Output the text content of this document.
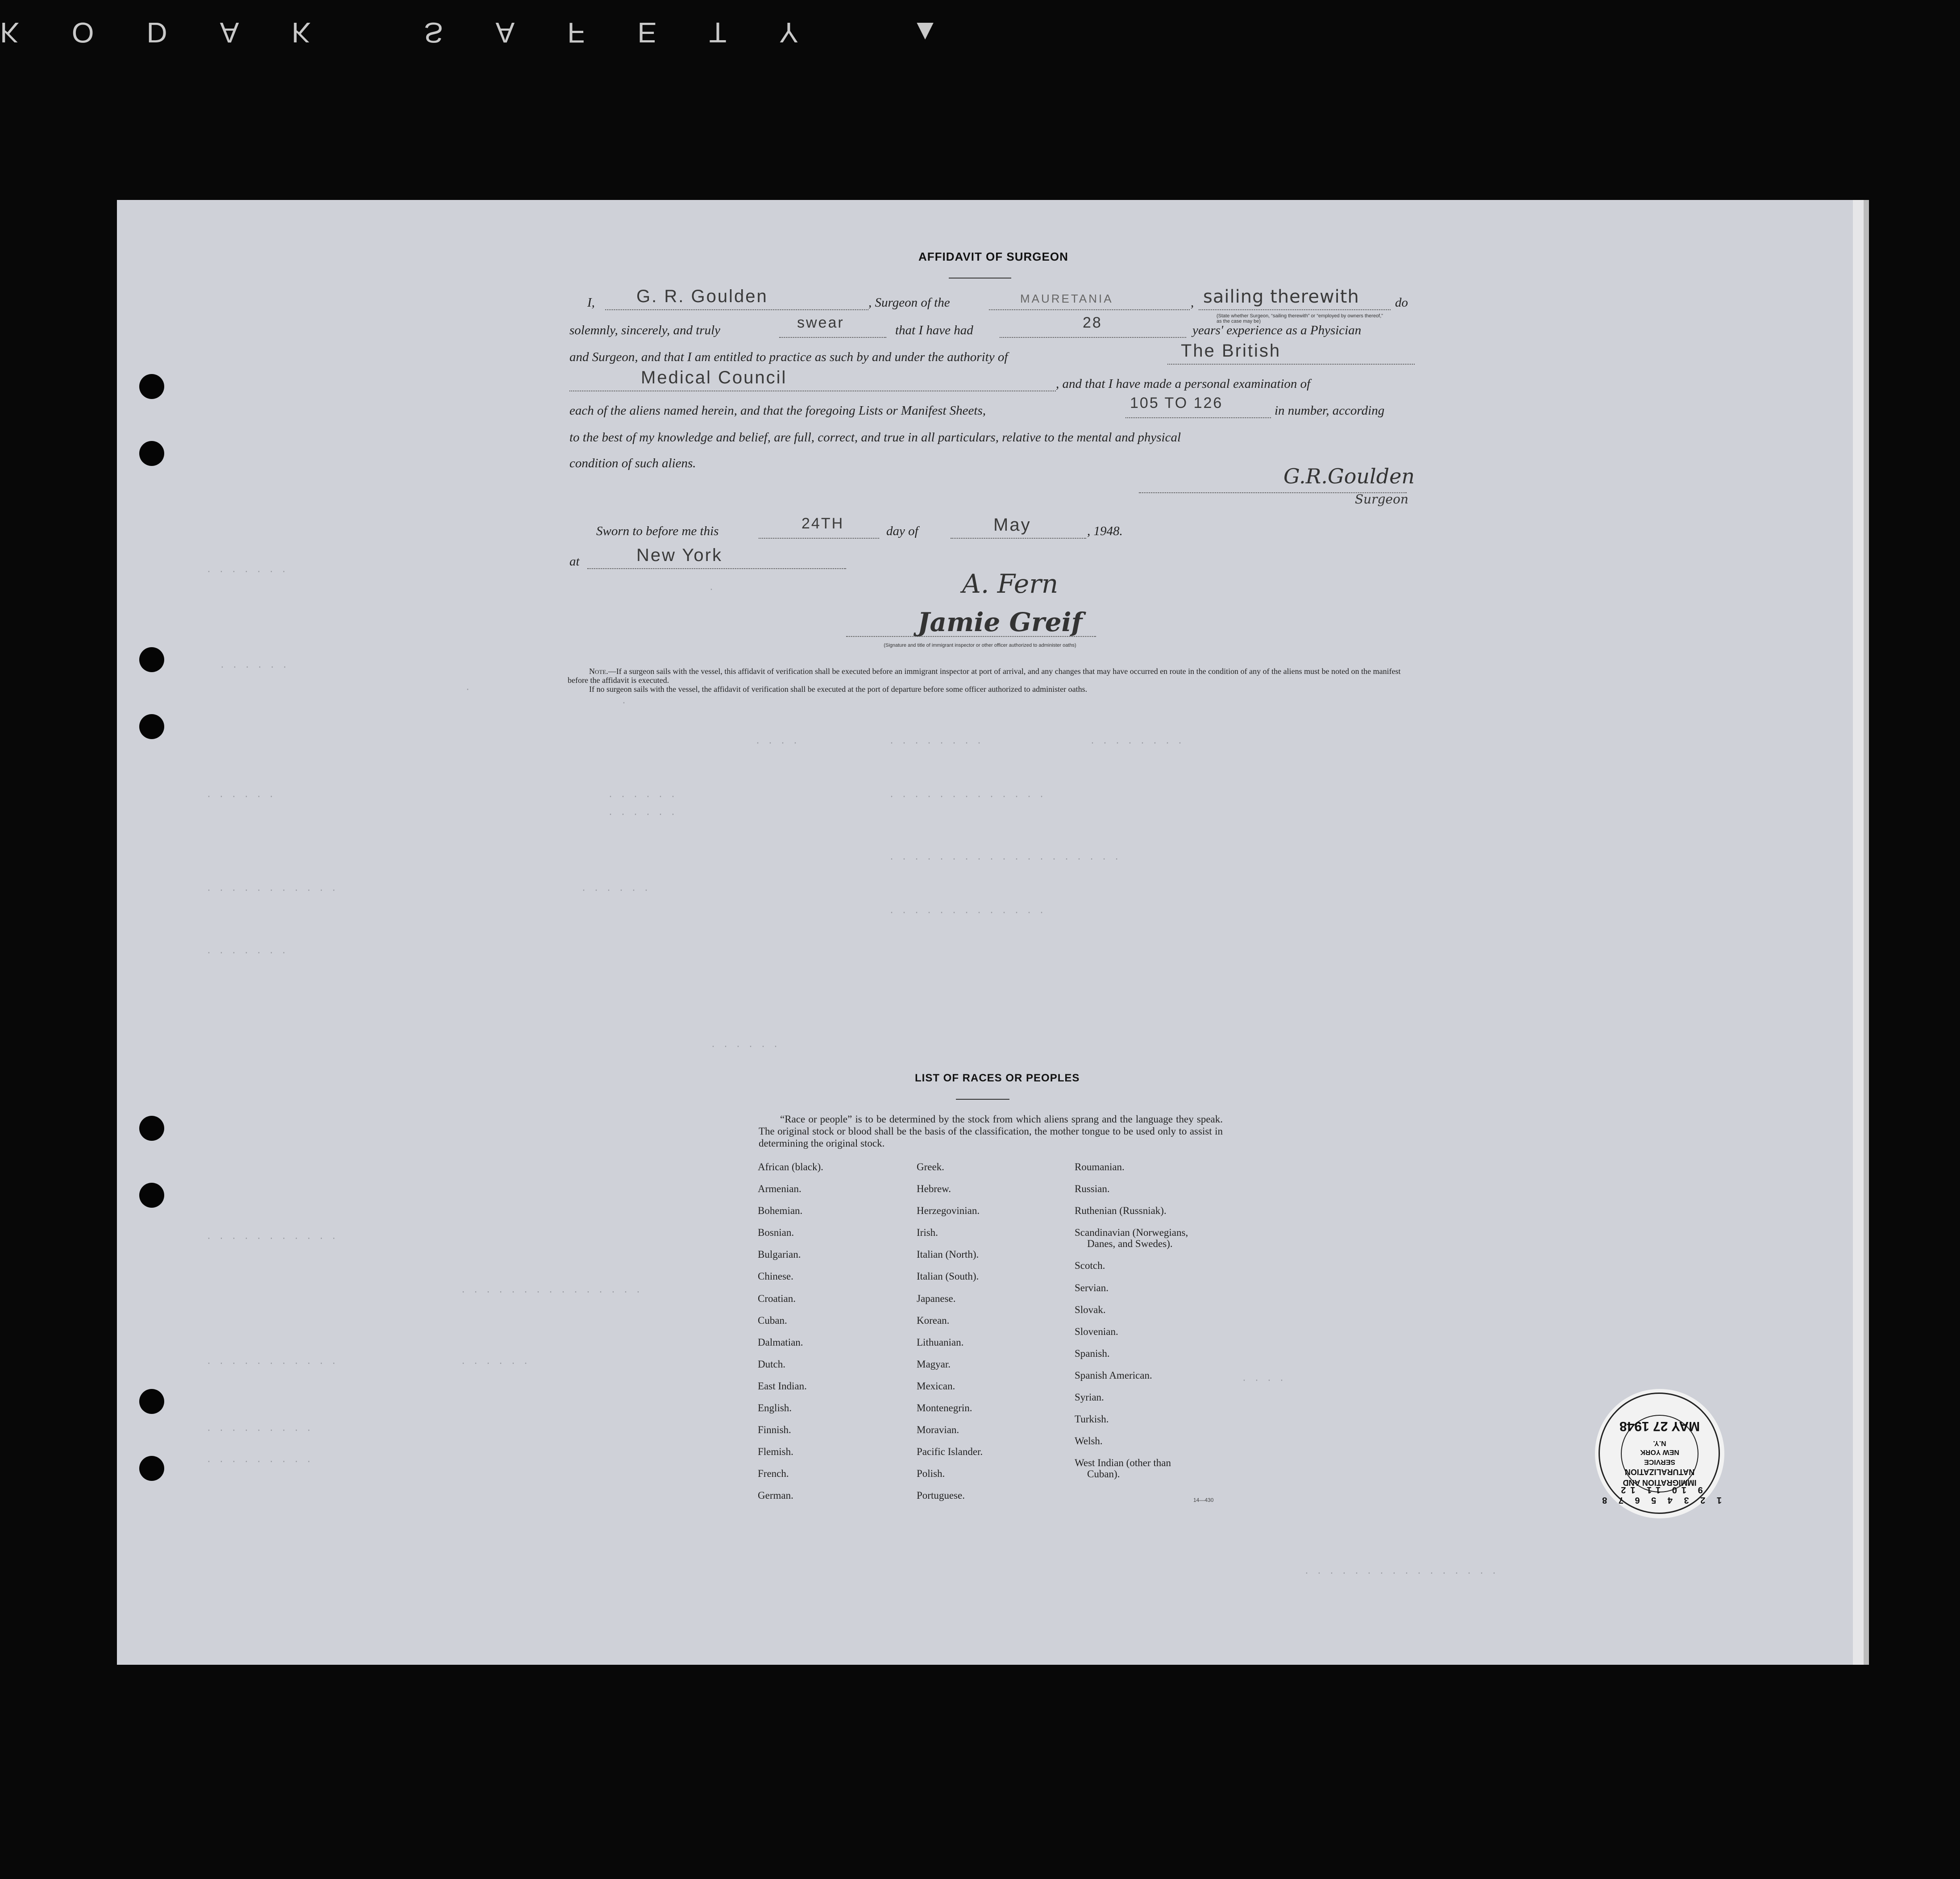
KODAK SAFETY ▲
. . . . . . .
.
. . . . . .
.
.
. . . .	. . . . . . . .	. . . . . . . .
. . . . . .	. . . . . .	. . . . . . . . . . . . .
. . . . . .
. . . . . . . . . . . . . . . . . . .
. . . . . . . . . . .	. . . . . .
. . . . . . . . . . . . .
. . . . . . .
. . . . . .
. . . . . . . . . . .
. . . . . . . . . . . . . . .
. . . . . . . . . . .	. . . . . .
. . . . . . . . .
. . . . . . . . .
. . . .
. . . . . . . . . . . . . . . .
AFFIDAVIT OF SURGEON
I, G. R. Goulden	, Surgeon of the	MAURETANIA	, sailing therewith	do
(State whether Surgeon, “sailing therewith” or “employed by owners thereof,” as the case may be)
solemnly, sincerely, and truly	swear	that I have had	28	years' experience as a Physician
and Surgeon, and that I am entitled to practice as such by and under the authority of	The British
Medical Council	, and that I have made a personal examination of
each of the aliens named herein, and that the foregoing Lists or Manifest Sheets,	105 TO 126	in number, according
to the best of my knowledge and belief, are full, correct, and true in all particulars, relative to the mental and physical
condition of such aliens.
G.R.Goulden
Surgeon
Sworn to before me this	24TH	day of	May	, 1948.
at	New York
A. Fern
Jamie Greif
(Signature and title of immigrant inspector or other officer authorized to administer oaths)
Note.—If a surgeon sails with the vessel, this affidavit of verification shall be executed before an immigrant inspector at port of arrival, and any changes that may have occurred en route in the condition of any of the aliens must be noted on the manifest before the affidavit is executed.
If no surgeon sails with the vessel, the affidavit of verification shall be executed at the port of departure before some officer authorized to administer oaths.
LIST OF RACES OR PEOPLES
“Race or people” is to be determined by the stock from which aliens sprang and the language they speak. The original stock or blood shall be the basis of the classification, the mother tongue to be used only to assist in determining the original stock.
African (black).
Armenian.
Bohemian.
Bosnian.
Bulgarian.
Chinese.
Croatian.
Cuban.
Dalmatian.
Dutch.
East Indian.
English.
Finnish.
Flemish.
French.
German.
Greek.
Hebrew.
Herzegovinian.
Irish.
Italian (North).
Italian (South).
Japanese.
Korean.
Lithuanian.
Magyar.
Mexican.
Montenegrin.
Moravian.
Pacific Islander.
Polish.
Portuguese.
Roumanian.
Russian.
Ruthenian (Russniak).
Scandinavian (Norwegians,
Danes, and Swedes).
Scotch.
Servian.
Slovak.
Slovenian.
Spanish.
Spanish American.
Syrian.
Turkish.
Welsh.
West Indian (other than
Cuban).
14—430	1 2 3 4 5 6 7 8 9 10 11 12
IMMIGRATION AND
NATURALIZATION
SERVICE
NEW YORK
N.Y.
MAY 27 1948
